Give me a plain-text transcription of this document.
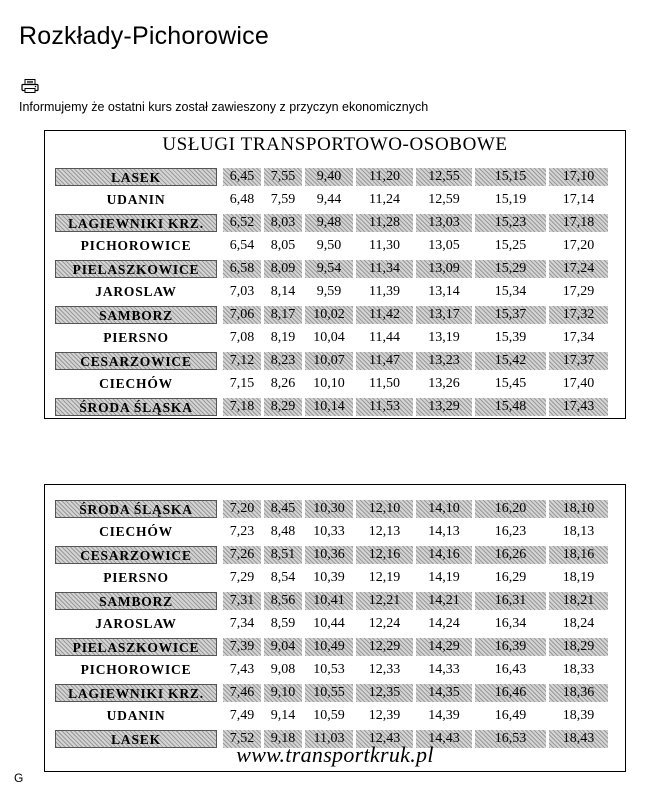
Rozkłady-Pichorowice
Informujemy że ostatni kurs został zawieszony z przyczyn ekonomicznych
USŁUGI TRANSPORTOWO-OSOBOWE
LASEK	6,45	7,55	9,40	11,20	12,55	15,15	17,10
UDANIN	6,48	7,59	9,44	11,24	12,59	15,19	17,14
LAGIEWNIKI KRZ.	6,52	8,03	9,48	11,28	13,03	15,23	17,18
PICHOROWICE	6,54	8,05	9,50	11,30	13,05	15,25	17,20
PIELASZKOWICE	6,58	8,09	9,54	11,34	13,09	15,29	17,24
JAROSLAW	7,03	8,14	9,59	11,39	13,14	15,34	17,29
SAMBORZ	7,06	8,17	10,02	11,42	13,17	15,37	17,32
PIERSNO	7,08	8,19	10,04	11,44	13,19	15,39	17,34
CESARZOWICE	7,12	8,23	10,07	11,47	13,23	15,42	17,37
CIECHÓW	7,15	8,26	10,10	11,50	13,26	15,45	17,40
ŚRODA ŚLĄSKA	7,18	8,29	10,14	11,53	13,29	15,48	17,43
ŚRODA ŚLĄSKA	7,20	8,45	10,30	12,10	14,10	16,20	18,10
CIECHÓW	7,23	8,48	10,33	12,13	14,13	16,23	18,13
CESARZOWICE	7,26	8,51	10,36	12,16	14,16	16,26	18,16
PIERSNO	7,29	8,54	10,39	12,19	14,19	16,29	18,19
SAMBORZ	7,31	8,56	10,41	12,21	14,21	16,31	18,21
JAROSLAW	7,34	8,59	10,44	12,24	14,24	16,34	18,24
PIELASZKOWICE	7,39	9,04	10,49	12,29	14,29	16,39	18,29
PICHOROWICE	7,43	9,08	10,53	12,33	14,33	16,43	18,33
LAGIEWNIKI KRZ.	7,46	9,10	10,55	12,35	14,35	16,46	18,36
UDANIN	7,49	9,14	10,59	12,39	14,39	16,49	18,39
LASEK	7,52	9,18	11,03	12,43	14,43	16,53	18,43
www.transportkruk.pl
G
